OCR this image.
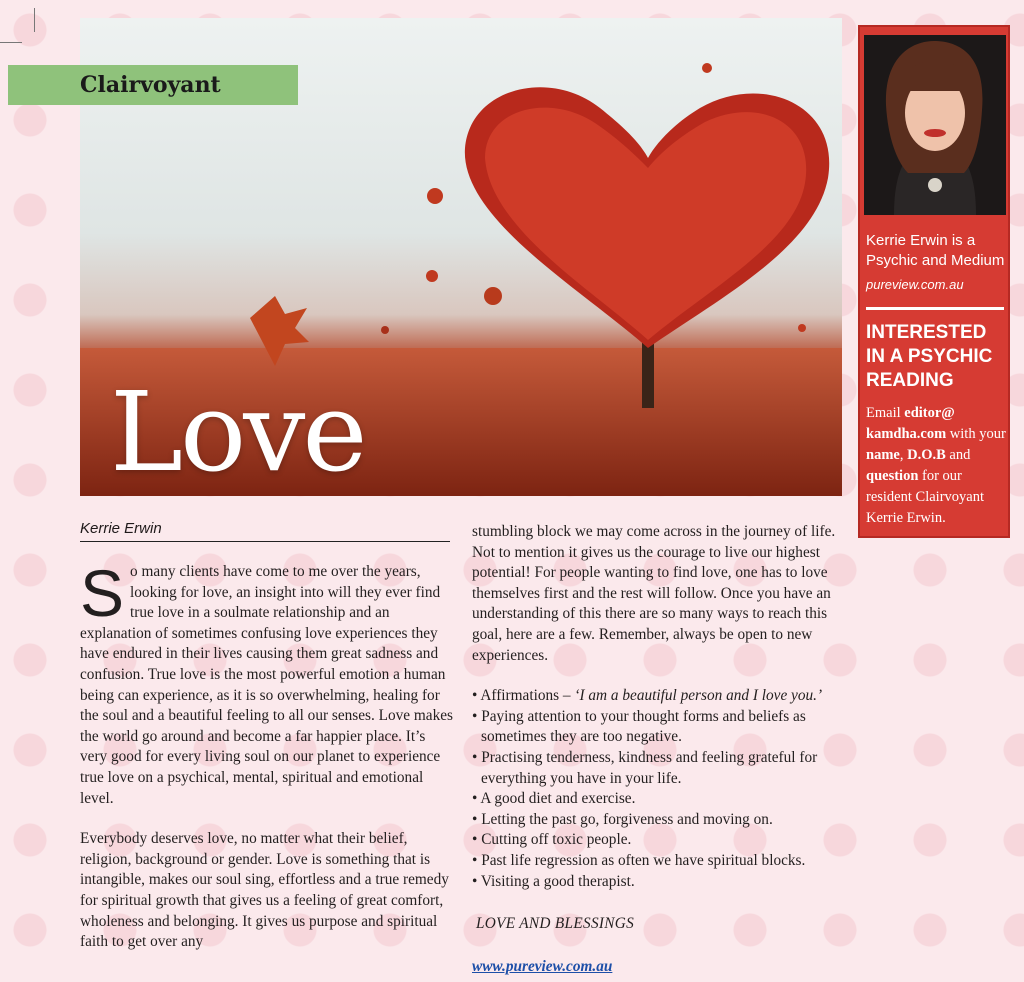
Love
Clairvoyant
Kerrie Erwin is a Psychic and Medium
pureview.com.au
INTERESTED IN A PSYCHIC READING
Email editor@ kamdha.com with your name, D.O.B and question for our resident Clairvoyant Kerrie Erwin.
Kerrie Erwin

So many clients have come to me over the years, looking for love, an insight into will they ever find true love in a soulmate relationship and an explanation of sometimes confusing love experiences they have endured in their lives causing them great sadness and confusion. True love is the most powerful emotion a human being can experience, as it is so overwhelming, healing for the soul and a beautiful feeling to all our senses. Love makes the world go around and become a far happier place. It’s very good for every living soul on our planet to experience true love on a psychical, mental, spiritual and emotional level.

Everybody deserves love, no matter what their belief, religion, background or gender. Love is something that is intangible, makes our soul sing, effortless and a true remedy for spiritual growth that gives us a feeling of great comfort, wholeness and belonging. It gives us purpose and spiritual faith to get over any

stumbling block we may come across in the journey of life. Not to mention it gives us the courage to live our highest potential! For people wanting to find love, one has to love themselves first and the rest will follow. Once you have an understanding of this there are so many ways to reach this goal, here are a few. Remember, always be open to new experiences.

• Affirmations – ‘I am a beautiful person and I love you.’
• Paying attention to your thought forms and beliefs as sometimes they are too negative.
• Practising tenderness, kindness and feeling grateful for everything you have in your life.
• A good diet and exercise.
• Letting the past go, forgiveness and moving on.
• Cutting off toxic people.
• Past life regression as often we have spiritual blocks.
• Visiting a good therapist.

LOVE AND BLESSINGS

www.pureview.com.au
